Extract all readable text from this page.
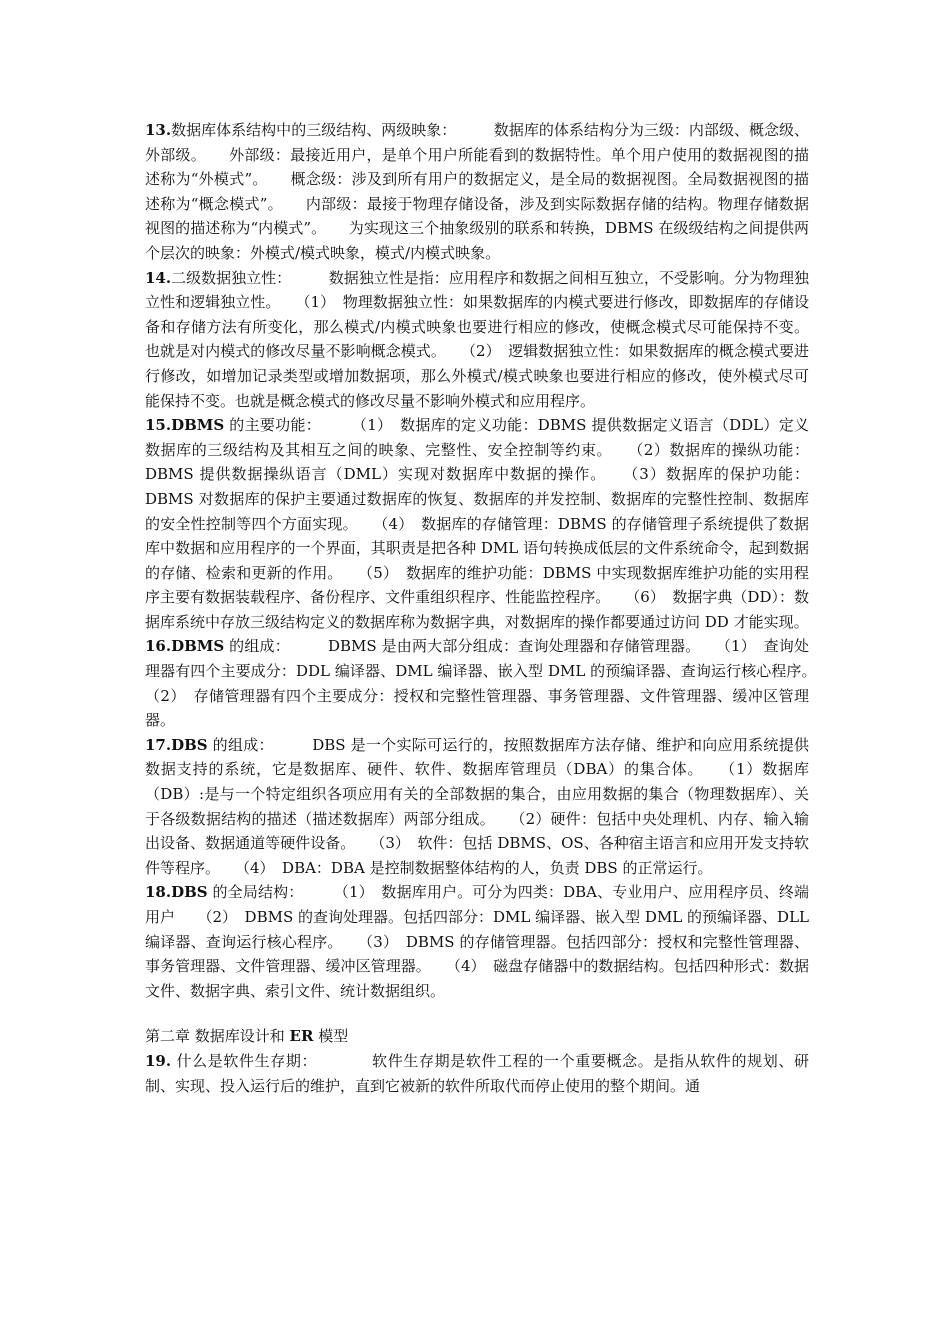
13.数据库体系结构中的三级结构、两级映象：　　　数据库的体系结构分为三级：内部级、概念级、外部级。　　外部级：最接近用户，是单个用户所能看到的数据特性。单个用户使用的数据视图的描述称为“外模式”。　　概念级：涉及到所有用户的数据定义，是全局的数据视图。全局数据视图的描述称为“概念模式”。　　内部级：最接于物理存储设备，涉及到实际数据存储的结构。物理存储数据视图的描述称为“内模式”。　　为实现这三个抽象级别的联系和转换，DBMS 在级级结构之间提供两个层次的映象：外模式/模式映象，模式/内模式映象。

14.二级数据独立性：　　　数据独立性是指：应用程序和数据之间相互独立，不受影响。分为物理独立性和逻辑独立性。　　（1）　物理数据独立性：如果数据库的内模式要进行修改，即数据库的存储设备和存储方法有所变化，那么模式/内模式映象也要进行相应的修改，使概念模式尽可能保持不变。也就是对内模式的修改尽量不影响概念模式。　　（2）　逻辑数据独立性：如果数据库的概念模式要进行修改，如增加记录类型或增加数据项，那么外模式/模式映象也要进行相应的修改，使外模式尽可能保持不变。也就是概念模式的修改尽量不影响外模式和应用程序。

15.DBMS 的主要功能：　　　（1）　数据库的定义功能：DBMS 提供数据定义语言（DDL）定义数据库的三级结构及其相互之间的映象、完整性、安全控制等约束。　　（2）数据库的操纵功能：DBMS 提供数据操纵语言（DML）实现对数据库中数据的操作。　　（3）数据库的保护功能：DBMS 对数据库的保护主要通过数据库的恢复、数据库的并发控制、数据库的完整性控制、数据库的安全性控制等四个方面实现。　　（4）　数据库的存储管理：DBMS 的存储管理子系统提供了数据库中数据和应用程序的一个界面，其职责是把各种 DML 语句转换成低层的文件系统命令，起到数据的存储、检索和更新的作用。　　（5）　数据库的维护功能：DBMS 中实现数据库维护功能的实用程序主要有数据装载程序、备份程序、文件重组织程序、性能监控程序。　　（6）　数据字典（DD）：数据库系统中存放三级结构定义的数据库称为数据字典，对数据库的操作都要通过访问 DD 才能实现。

16.DBMS 的组成：　　　DBMS 是由两大部分组成：查询处理器和存储管理器。　　（1）　查询处理器有四个主要成分：DDL 编译器、DML 编译器、嵌入型 DML 的预编译器、查询运行核心程序。　　（2）　存储管理器有四个主要成分：授权和完整性管理器、事务管理器、文件管理器、缓冲区管理器。

17.DBS 的组成：　　　DBS 是一个实际可运行的，按照数据库方法存储、维护和向应用系统提供数据支持的系统，它是数据库、硬件、软件、数据库管理员（DBA）的集合体。　　（1）数据库（DB）:是与一个特定组织各项应用有关的全部数据的集合，由应用数据的集合（物理数据库）、关于各级数据结构的描述（描述数据库）两部分组成。　　（2）硬件：包括中央处理机、内存、输入输出设备、数据通道等硬件设备。　　（3）　软件：包括 DBMS、OS、各种宿主语言和应用开发支持软件等程序。　　（4）　DBA：DBA 是控制数据整体结构的人，负责 DBS 的正常运行。

18.DBS 的全局结构：　　　（1）　数据库用户。可分为四类：DBA、专业用户、应用程序员、终端用户　　（2）　DBMS 的查询处理器。包括四部分：DML 编译器、嵌入型 DML 的预编译器、DLL 编译器、查询运行核心程序。　　（3）　DBMS 的存储管理器。包括四部分：授权和完整性管理器、事务管理器、文件管理器、缓冲区管理器。　　（4）　磁盘存储器中的数据结构。包括四种形式：数据文件、数据字典、索引文件、统计数据组织。

第二章 数据库设计和 ER 模型

19. 什么是软件生存期：　　　　软件生存期是软件工程的一个重要概念。是指从软件的规划、研制、实现、投入运行后的维护，直到它被新的软件所取代而停止使用的整个期间。通
